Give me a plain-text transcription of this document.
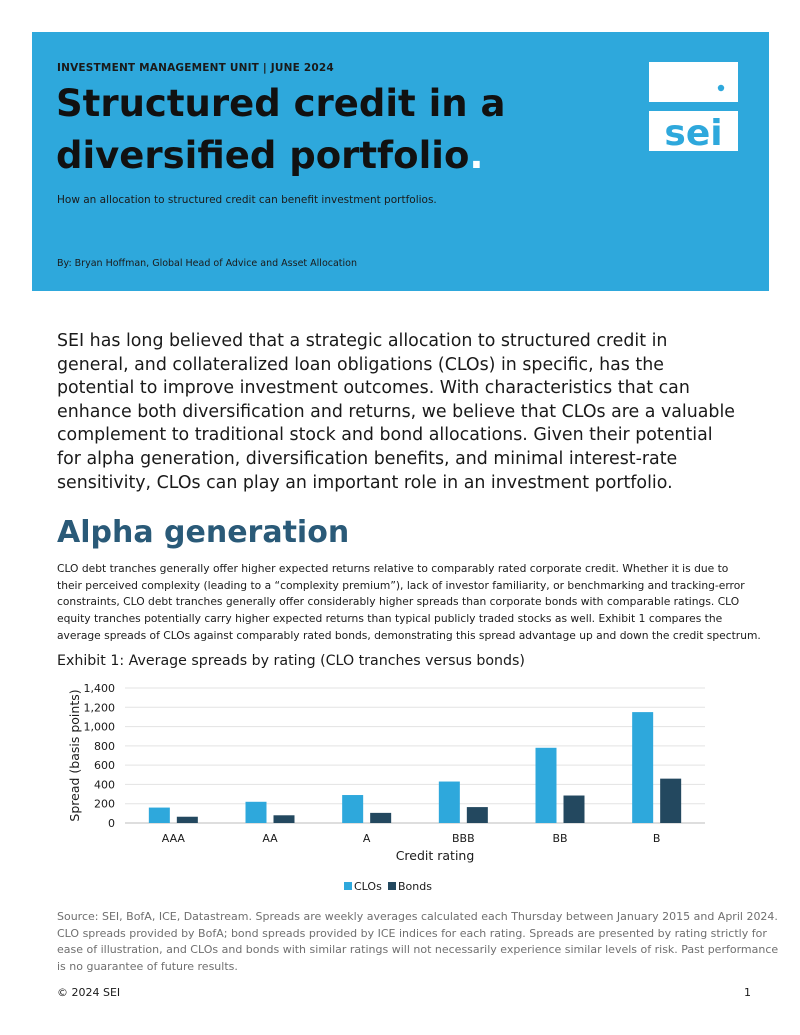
INVESTMENT MANAGEMENT UNIT | JUNE 2024
Structured credit in a
diversified portfolio.
How an allocation to structured credit can benefit investment portfolios.
By: Bryan Hoffman, Global Head of Advice and Asset Allocation
sei
SEI has long believed that a strategic allocation to structured credit in
general, and collateralized loan obligations (CLOs) in specific, has the
potential to improve investment outcomes. With characteristics that can
enhance both diversification and returns, we believe that CLOs are a valuable
complement to traditional stock and bond allocations. Given their potential
for alpha generation, diversification benefits, and minimal interest-rate
sensitivity, CLOs can play an important role in an investment portfolio.
Alpha generation
CLO debt tranches generally offer higher expected returns relative to comparably rated corporate credit. Whether it is due to
their perceived complexity (leading to a “complexity premium”), lack of investor familiarity, or benchmarking and tracking-error
constraints, CLO debt tranches generally offer considerably higher spreads than corporate bonds with comparable ratings. CLO
equity tranches potentially carry higher expected returns than typical publicly traded stocks as well. Exhibit 1 compares the
average spreads of CLOs against comparably rated bonds, demonstrating this spread advantage up and down the credit spectrum.
Exhibit 1: Average spreads by rating (CLO tranches versus bonds)
0
200
400
600
800
1,000
1,200
1,400
Spread (basis points)
AAA	AA	A	BBB	BB	B
Credit rating
CLOs Bonds
Source: SEI, BofA, ICE, Datastream. Spreads are weekly averages calculated each Thursday between January 2015 and April 2024.
CLO spreads provided by BofA; bond spreads provided by ICE indices for each rating. Spreads are presented by rating strictly for
ease of illustration, and CLOs and bonds with similar ratings will not necessarily experience similar levels of risk. Past performance
is no guarantee of future results.
© 2024 SEI	1
